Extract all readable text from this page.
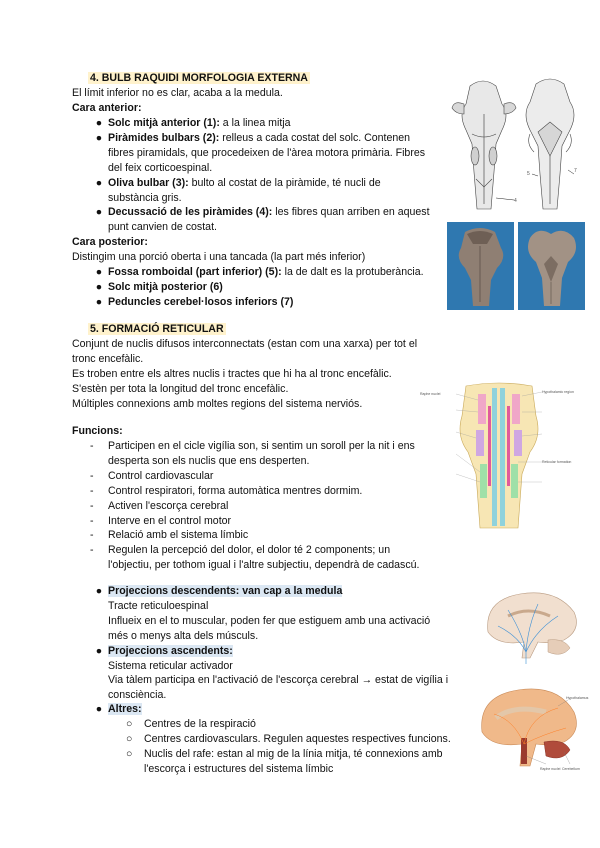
4. BULB RAQUIDI MORFOLOGIA EXTERNA
El límit inferior no es clar, acaba a la medula.
Cara anterior:
● Solc mitjà anterior (1): a la linea mitja
● Piràmides bulbars (2): relleus a cada costat del solc. Contenen
fibres piramidals, que procedeixen de l'àrea motora primària. Fibres
del feix corticoespinal.
● Oliva bulbar (3): bulto al costat de la piràmide, té nucli de
substància gris.
● Decussació de les piràmides (4): les fibres quan arriben en aquest
punt canvien de costat.
Cara posterior:
Distingim una porció oberta i una tancada (la part més inferior)
● Fossa romboidal (part inferior) (5): la de dalt es la protuberància.
● Solc mitjà posterior (6)
● Peduncles cerebel·losos inferiors (7)
5. FORMACIÓ RETICULAR
Conjunt de nuclis difusos interconnectats (estan com una xarxa) per tot el
tronc encefàlic.
Es troben entre els altres nuclis i tractes que hi ha al tronc encefàlic.
S'estèn per tota la longitud del tronc encefàlic.
Múltiples connexions amb moltes regions del sistema nerviós.
Funcions:
- Participen en el cicle vigília son, si sentim un soroll per la nit i ens
desperta son els nuclis que ens desperten.
- Control cardiovascular
- Control respiratori, forma automàtica mentres dormim.
- Activen l'escorça cerebral
- Interve en el control motor
- Relació amb el sistema límbic
- Regulen la percepció del dolor, el dolor té 2 components; un
l'objectiu, per tothom igual i l'altre subjectiu, dependrà de cadascú.
● Projeccions descendents: van cap a la medula
Tracte reticuloespinal
Influeix en el to muscular, poden fer que estiguem amb una activació
més o menys alta dels músculs.
● Projeccions ascendents:
Sistema reticular activador
Via tàlem participa en l'activació de l'escorça cerebral → estat de vigília i
consciència.
● Altres:
○ Centres de la respiració
○ Centres cardiovasculars. Regulen aquestes respectives funcions.
○ Nuclis del rafe: estan al mig de la línia mitja, té connexions amb
l'escorça i estructures del sistema límbic
4
5	7
Hypothalamic region
Raphe nuclei
Reticular formation
Hypothalamus
Raphe nuclei Cerebellum
